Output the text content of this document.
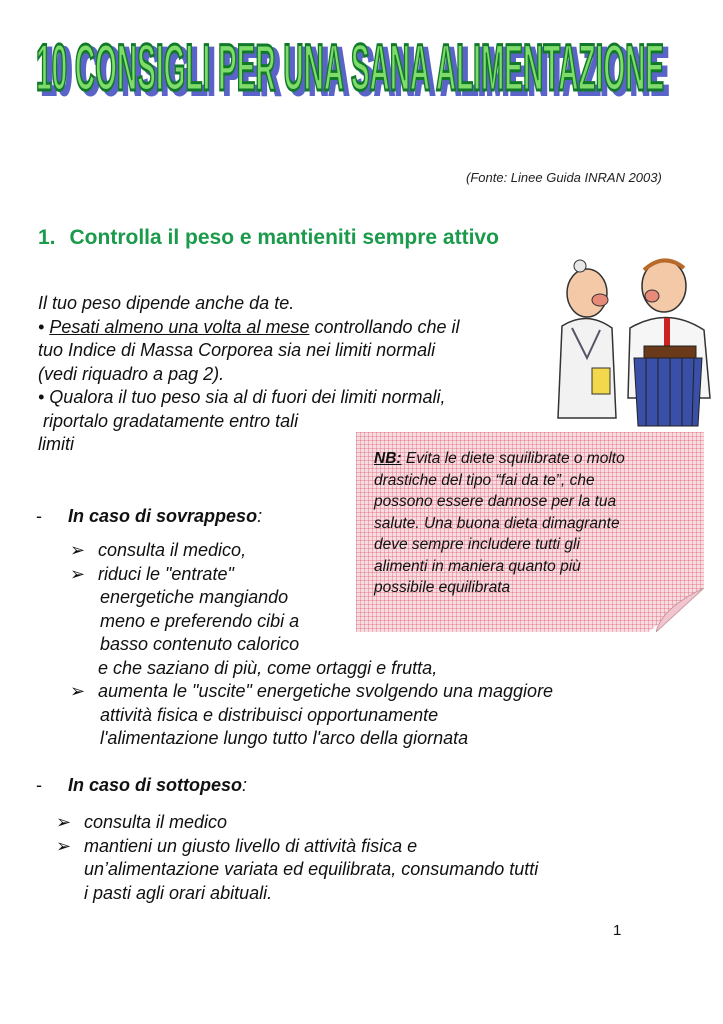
10 CONSIGLI PER UNA SANA ALIMENTAZIONE
10 CONSIGLI PER UNA SANA ALIMENTAZIONE
(Fonte: Linee Guida INRAN 2003)
1. Controlla il peso e mantieniti sempre attivo
Il tuo peso dipende anche da te.
• Pesati almeno una volta al mese controllando che il
tuo Indice di Massa Corporea sia nei limiti normali
(vedi riquadro a pag 2).
• Qualora il tuo peso sia al di fuori dei limiti normali,
riportalo gradatamente entro tali
limiti
NB: Evita le diete squilibrate o molto
drastiche del tipo “fai da te”, che
possono essere dannose per la tua
salute. Una buona dieta dimagrante
deve sempre includere tutti gli
alimenti in maniera quanto più
possibile equilibrata
- In caso di sovrappeso:
➢ consulta il medico,
➢ riduci le "entrate"
energetiche mangiando
meno e preferendo cibi a
basso contenuto calorico
e che saziano di più, come ortaggi e frutta,
➢ aumenta le "uscite" energetiche svolgendo una maggiore
attività fisica e distribuisci opportunamente
l'alimentazione lungo tutto l'arco della giornata
- In caso di sottopeso:
➢ consulta il medico
➢ mantieni un giusto livello di attività fisica e
un’alimentazione variata ed equilibrata, consumando tutti
i pasti agli orari abituali.
1
